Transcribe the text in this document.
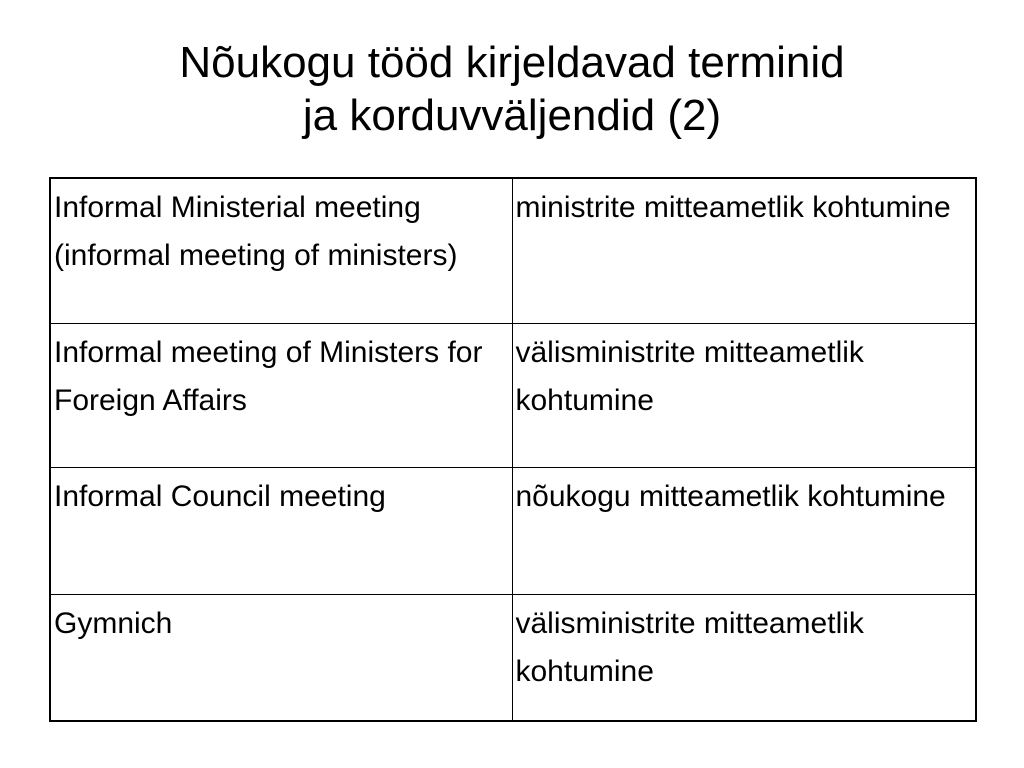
Nõukogu tööd kirjeldavad terminid
ja korduvväljendid (2)
Informal Ministerial meeting (informal meeting of ministers)	ministrite mitteametlik kohtumine
Informal meeting of Ministers for Foreign Affairs	välisministrite mitteametlik kohtumine
Informal Council meeting	nõukogu mitteametlik kohtumine
Gymnich	välisministrite mitteametlik kohtumine
